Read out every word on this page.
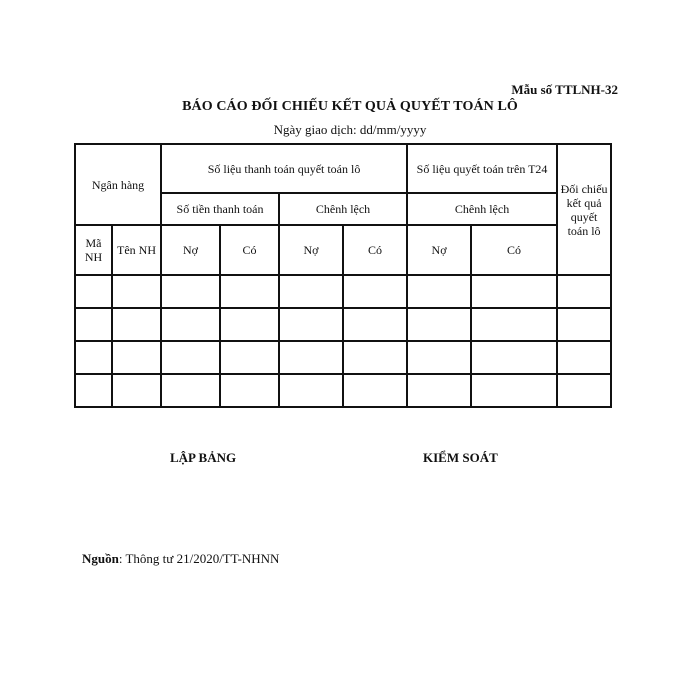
Mẫu số TTLNH-32
BÁO CÁO ĐỐI CHIẾU KẾT QUẢ QUYẾT TOÁN LÔ
Ngày giao dịch: dd/mm/yyyy
Ngân hàng		Số liệu thanh toán quyết toán lô				Số liệu quyết toán trên T24		Đối chiếu kết quả quyết toán lô
		Số tiền thanh toán		Chênh lệch		Chênh lệch		
Mã NH	Tên NH	Nợ	Có	Nợ	Có	Nợ	Có	

LẬP BẢNG	KIỂM SOÁT
Nguồn: Thông tư 21/2020/TT-NHNN
